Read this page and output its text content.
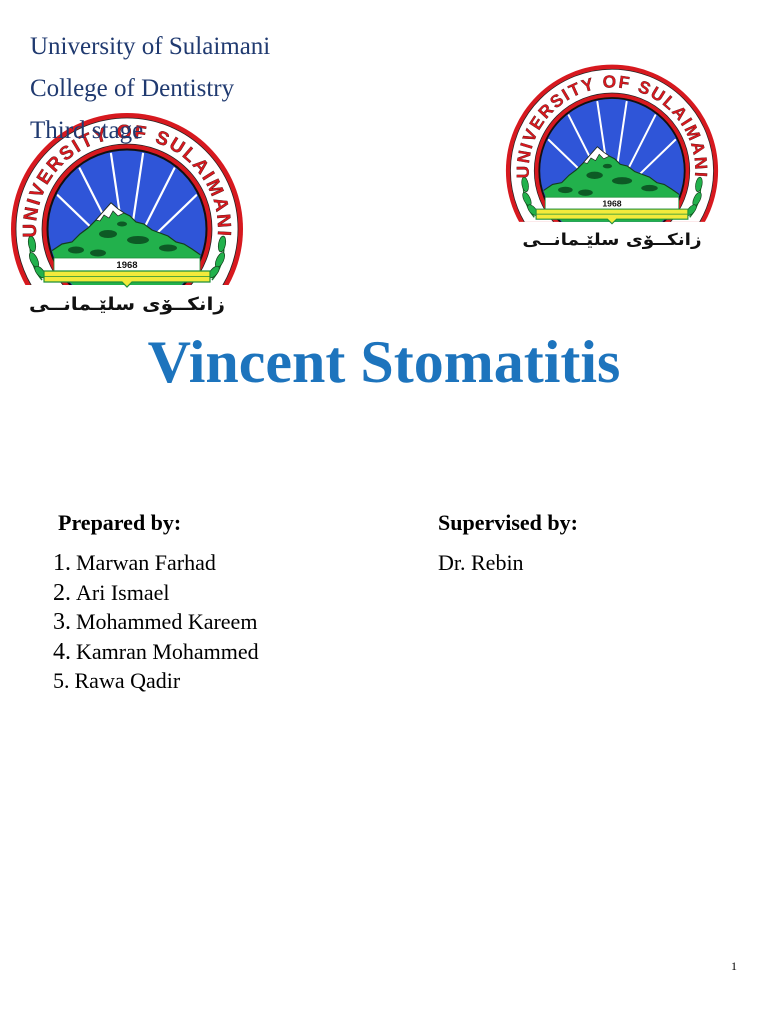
University of Sulaimani

College of Dentistry

Third stage

Vincent Stomatitis

Prepared by:	Supervised by:

1. Marwan Farhad
2. Ari Ismael
3. Mohammed Kareem
4. Kamran Mohammed
5. Rawa Qadir

Dr. Rebin

1
